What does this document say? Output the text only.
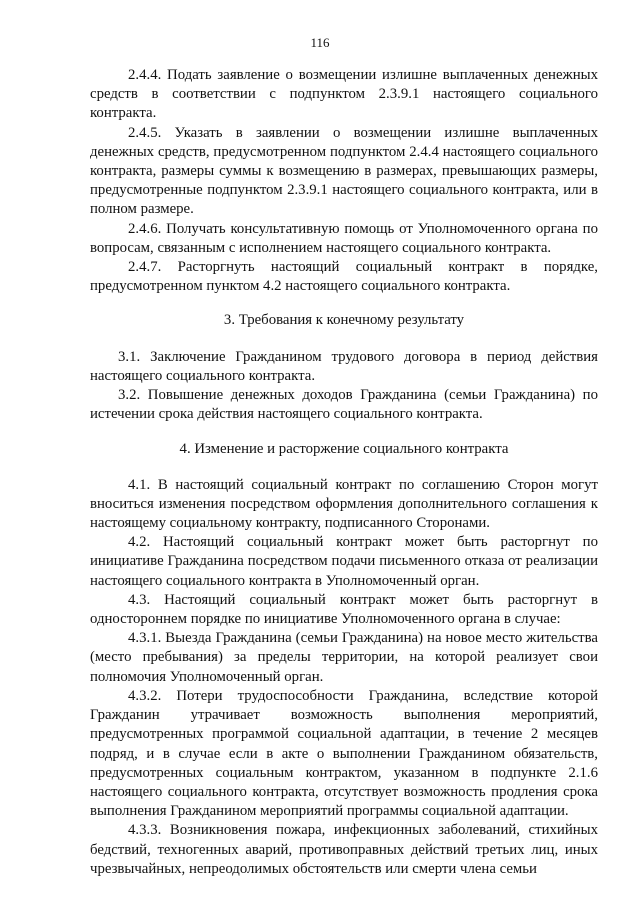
116

2.4.4. Подать заявление о возмещении излишне выплаченных денежных средств в соответствии с подпунктом 2.3.9.1 настоящего социального контракта.

2.4.5. Указать в заявлении о возмещении излишне выплаченных денежных средств, предусмотренном подпунктом 2.4.4 настоящего социального контракта, размеры суммы к возмещению в размерах, превышающих размеры, предусмотренные подпунктом 2.3.9.1 настоящего социального контракта, или в полном размере.

2.4.6. Получать консультативную помощь от Уполномоченного органа по вопросам, связанным с исполнением настоящего социального контракта.

2.4.7. Расторгнуть настоящий социальный контракт в порядке, предусмотренном пунктом 4.2 настоящего социального контракта.

3. Требования к конечному результату

3.1. Заключение Гражданином трудового договора в период действия настоящего социального контракта.

3.2. Повышение денежных доходов Гражданина (семьи Гражданина) по истечении срока действия настоящего социального контракта.

4. Изменение и расторжение социального контракта

4.1. В настоящий социальный контракт по соглашению Сторон могут вноситься изменения посредством оформления дополнительного соглашения к настоящему социальному контракту, подписанного Сторонами.

4.2. Настоящий социальный контракт может быть расторгнут по инициативе Гражданина посредством подачи письменного отказа от реализации настоящего социального контракта в Уполномоченный орган.

4.3. Настоящий социальный контракт может быть расторгнут в одностороннем порядке по инициативе Уполномоченного органа в случае:

4.3.1. Выезда Гражданина (семьи Гражданина) на новое место жительства (место пребывания) за пределы территории, на которой реализует свои полномочия Уполномоченный орган.

4.3.2. Потери трудоспособности Гражданина, вследствие которой Гражданин утрачивает возможность выполнения мероприятий, предусмотренных программой социальной адаптации, в течение 2 месяцев подряд, и в случае если в акте о выполнении Гражданином обязательств, предусмотренных социальным контрактом, указанном в подпункте 2.1.6 настоящего социального контракта, отсутствует возможность продления срока выполнения Гражданином мероприятий программы социальной адаптации.

4.3.3. Возникновения пожара, инфекционных заболеваний, стихийных бедствий, техногенных аварий, противоправных действий третьих лиц, иных чрезвычайных, непреодолимых обстоятельств или смерти члена семьи
